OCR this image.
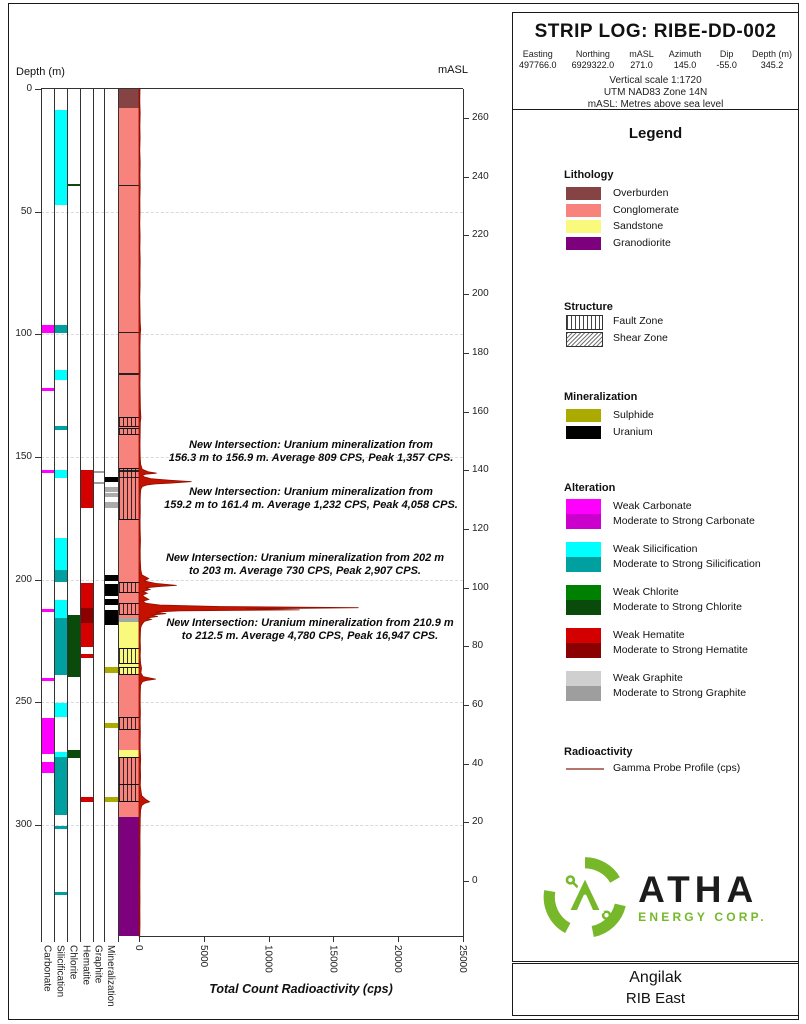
Depth (m)	mASL
0
50
100
150
200
250
300
260
240
220
200
180
160
140
120
100
80
60
40
20
0
0	5000	10000	15000	20000	25000
Carbonate Silicification Chlorite Hematite Graphite Mineralization	Total Count Radioactivity (cps)
New Intersection: Uranium mineralization from
156.3 m to 156.9 m. Average 809 CPS, Peak 1,357 CPS.
New Intersection: Uranium mineralization from
159.2 m to 161.4 m. Average 1,232 CPS, Peak 4,058 CPS.
New Intersection: Uranium mineralization from 202 m
to 203 m. Average 730 CPS, Peak 2,907 CPS.
New Intersection: Uranium mineralization from 210.9 m
to 212.5 m. Average 4,780 CPS, Peak 16,947 CPS.
STRIP LOG: RIBE-DD-002
Easting
497766.0
Northing
6929322.0
mASL
271.0
Azimuth
145.0
Dip
-55.0
Depth (m)
345.2
Vertical scale 1:1720
UTM NAD83 Zone 14N
mASL: Metres above sea level
Legend
Lithology
Overburden
Conglomerate
Sandstone
Granodiorite
Structure
Fault Zone
Shear Zone
Mineralization
Sulphide
Uranium
Alteration
Weak Carbonate
Moderate to Strong Carbonate
Weak Silicification
Moderate to Strong Silicification
Weak Chlorite
Moderate to Strong Chlorite
Weak Hematite
Moderate to Strong Hematite
Weak Graphite
Moderate to Strong Graphite
Radioactivity
Gamma Probe Profile (cps)
ATHA
ENERGY CORP.
Angilak
RIB East
